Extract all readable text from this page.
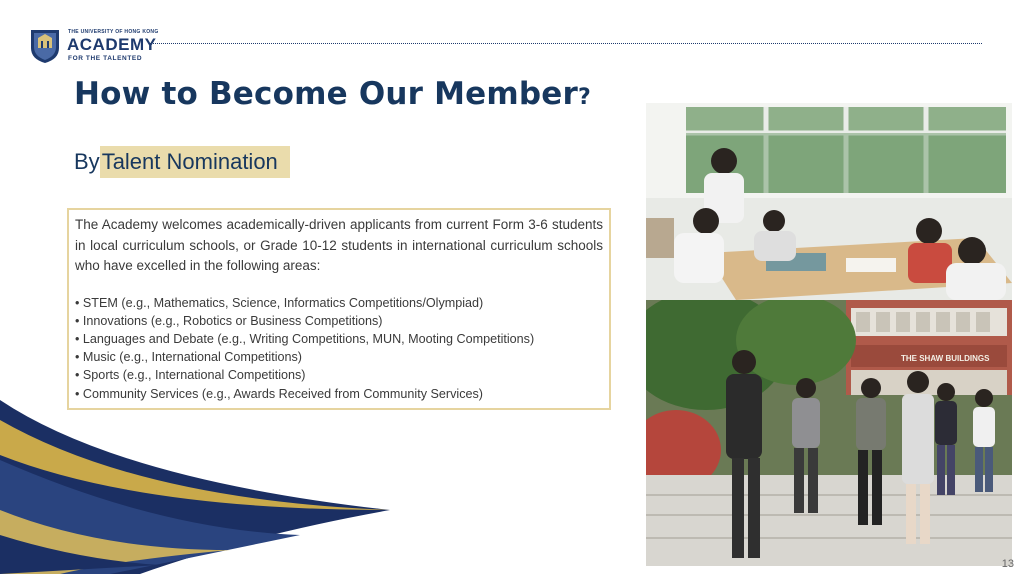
THE UNIVERSITY OF HONG KONG
ACADEMY
FOR THE TALENTED
How to Become Our Member?
ByTalent Nomination

The Academy welcomes academically-driven applicants from current Form 3-6 students in local curriculum schools, or Grade 10-12 students in international curriculum schools who have excelled in the following areas:

• STEM (e.g., Mathematics, Science, Informatics Competitions/Olympiad)
• Innovations (e.g., Robotics or Business Competitions)
• Languages and Debate (e.g., Writing Competitions, MUN, Mooting Competitions)
• Music (e.g., International Competitions)
• Sports (e.g., International Competitions)
• Community Services (e.g., Awards Received from Community Services)
THE SHAW BUILDINGS
13
